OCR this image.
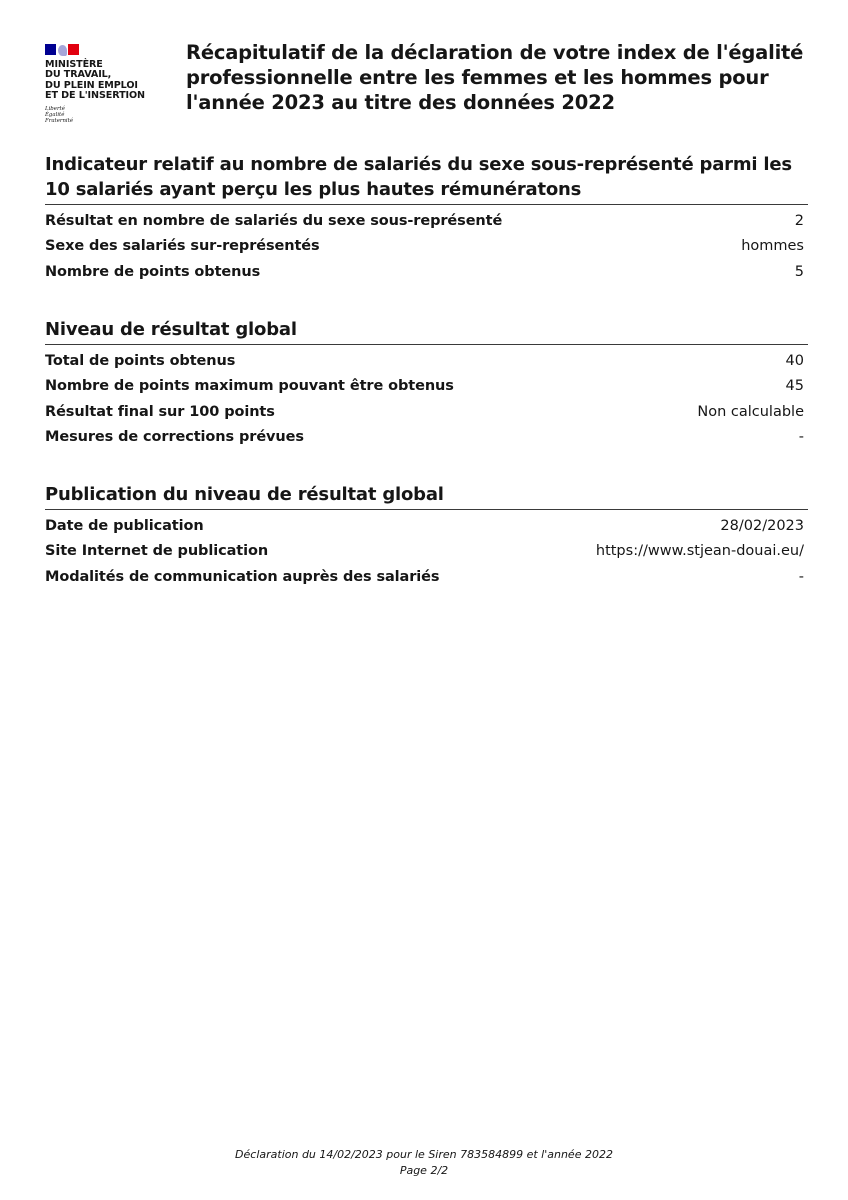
MINISTÈRE
DU TRAVAIL,
DU PLEIN EMPLOI
ET DE L'INSERTION
Liberté
Égalité
Fraternité
Récapitulatif de la déclaration de votre index de l'égalité professionnelle entre les femmes et les hommes pour l'année 2023 au titre des données 2022
Indicateur relatif au nombre de salariés du sexe sous-représenté parmi les 10 salariés ayant perçu les plus hautes rémunératons
Résultat en nombre de salariés du sexe sous-représenté	2
Sexe des salariés sur-représentés	hommes
Nombre de points obtenus	5
Niveau de résultat global
Total de points obtenus	40
Nombre de points maximum pouvant être obtenus	45
Résultat final sur 100 points	Non calculable
Mesures de corrections prévues	-
Publication du niveau de résultat global
Date de publication	28/02/2023
Site Internet de publication	https://www.stjean-douai.eu/
Modalités de communication auprès des salariés	-
Déclaration du 14/02/2023 pour le Siren 783584899 et l'année 2022
Page 2/2
